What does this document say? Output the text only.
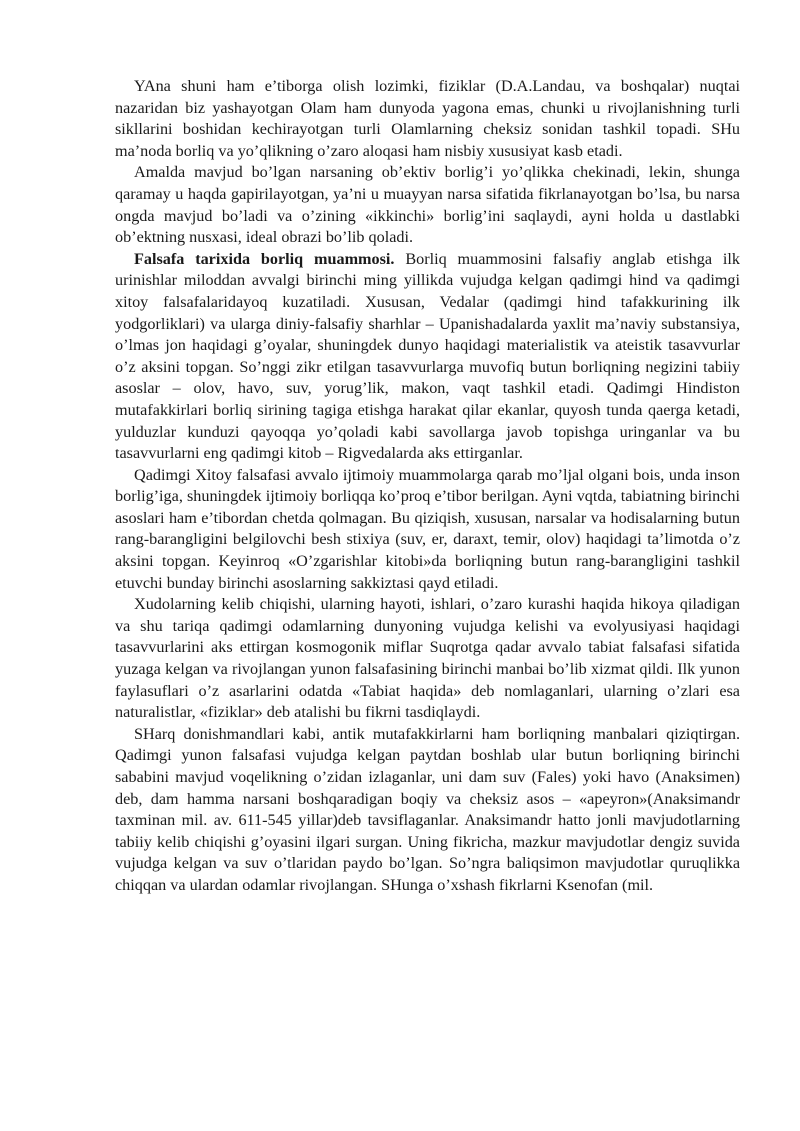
YAna shuni ham e’tiborga olish lozimki, fiziklar (D.A.Landau, va boshqalar) nuqtai nazaridan biz yashayotgan Olam ham dunyoda yagona emas, chunki u rivojlanishning turli sikllarini boshidan kechirayotgan turli Olamlarning cheksiz sonidan tashkil topadi. SHu ma’noda borliq va yo’qlikning o’zaro aloqasi ham nisbiy xususiyat kasb etadi.

Amalda mavjud bo’lgan narsaning ob’ektiv borlig’i yo’qlikka chekinadi, lekin, shunga qaramay u haqda gapirilayotgan, ya’ni u muayyan narsa sifatida fikrlanayotgan bo’lsa, bu narsa ongda mavjud bo’ladi va o’zining «ikkinchi» borlig’ini saqlaydi, ayni holda u dastlabki ob’ektning nusxasi, ideal obrazi bo’lib qoladi.

Falsafa tarixida borliq muammosi. Borliq muammosini falsafiy anglab etishga ilk urinishlar miloddan avvalgi birinchi ming yillikda vujudga kelgan qadimgi hind va qadimgi xitoy falsafalaridayoq kuzatiladi. Xususan, Vedalar (qadimgi hind tafakkurining ilk yodgorliklari) va ularga diniy-falsafiy sharhlar – Upanishadalarda yaxlit ma’naviy substansiya, o’lmas jon haqidagi g’oyalar, shuningdek dunyo haqidagi materialistik va ateistik tasavvurlar o’z aksini topgan. So’nggi zikr etilgan tasavvurlarga muvofiq butun borliqning negizini tabiiy asoslar – olov, havo, suv, yorug’lik, makon, vaqt tashkil etadi. Qadimgi Hindiston mutafakkirlari borliq sirining tagiga etishga harakat qilar ekanlar, quyosh tunda qaerga ketadi, yulduzlar kunduzi qayoqqa yo’qoladi kabi savollarga javob topishga uringanlar va bu tasavvurlarni eng qadimgi kitob – Rigvedalarda aks ettirganlar.

Qadimgi Xitoy falsafasi avvalo ijtimoiy muammolarga qarab mo’ljal olgani bois, unda inson borlig’iga, shuningdek ijtimoiy borliqqa ko’proq e’tibor berilgan. Ayni vqtda, tabiatning birinchi asoslari ham e’tibordan chetda qolmagan. Bu qiziqish, xususan, narsalar va hodisalarning butun rang-barangligini belgilovchi besh stixiya (suv, er, daraxt, temir, olov) haqidagi ta’limotda o’z aksini topgan. Keyinroq «O’zgarishlar kitobi»da borliqning butun rang-barangligini tashkil etuvchi bunday birinchi asoslarning sakkiztasi qayd etiladi.

Xudolarning kelib chiqishi, ularning hayoti, ishlari, o’zaro kurashi haqida hikoya qiladigan va shu tariqa qadimgi odamlarning dunyoning vujudga kelishi va evolyusiyasi haqidagi tasavvurlarini aks ettirgan kosmogonik miflar Suqrotga qadar avvalo tabiat falsafasi sifatida yuzaga kelgan va rivojlangan yunon falsafasining birinchi manbai bo’lib xizmat qildi. Ilk yunon faylasuflari o’z asarlarini odatda «Tabiat haqida» deb nomlaganlari, ularning o’zlari esa naturalistlar, «fiziklar» deb atalishi bu fikrni tasdiqlaydi.

SHarq donishmandlari kabi, antik mutafakkirlarni ham borliqning manbalari qiziqtirgan. Qadimgi yunon falsafasi vujudga kelgan paytdan boshlab ular butun borliqning birinchi sababini mavjud voqelikning o’zidan izlaganlar, uni dam suv (Fales) yoki havo (Anaksimen) deb, dam hamma narsani boshqaradigan boqiy va cheksiz asos – «apeyron»(Anaksimandr taxminan mil. av. 611-545 yillar)deb tavsiflaganlar. Anaksimandr hatto jonli mavjudotlarning tabiiy kelib chiqishi g’oyasini ilgari surgan. Uning fikricha, mazkur mavjudotlar dengiz suvida vujudga kelgan va suv o’tlaridan paydo bo’lgan. So’ngra baliqsimon mavjudotlar quruqlikka chiqqan va ulardan odamlar rivojlangan. SHunga o’xshash fikrlarni Ksenofan (mil.
